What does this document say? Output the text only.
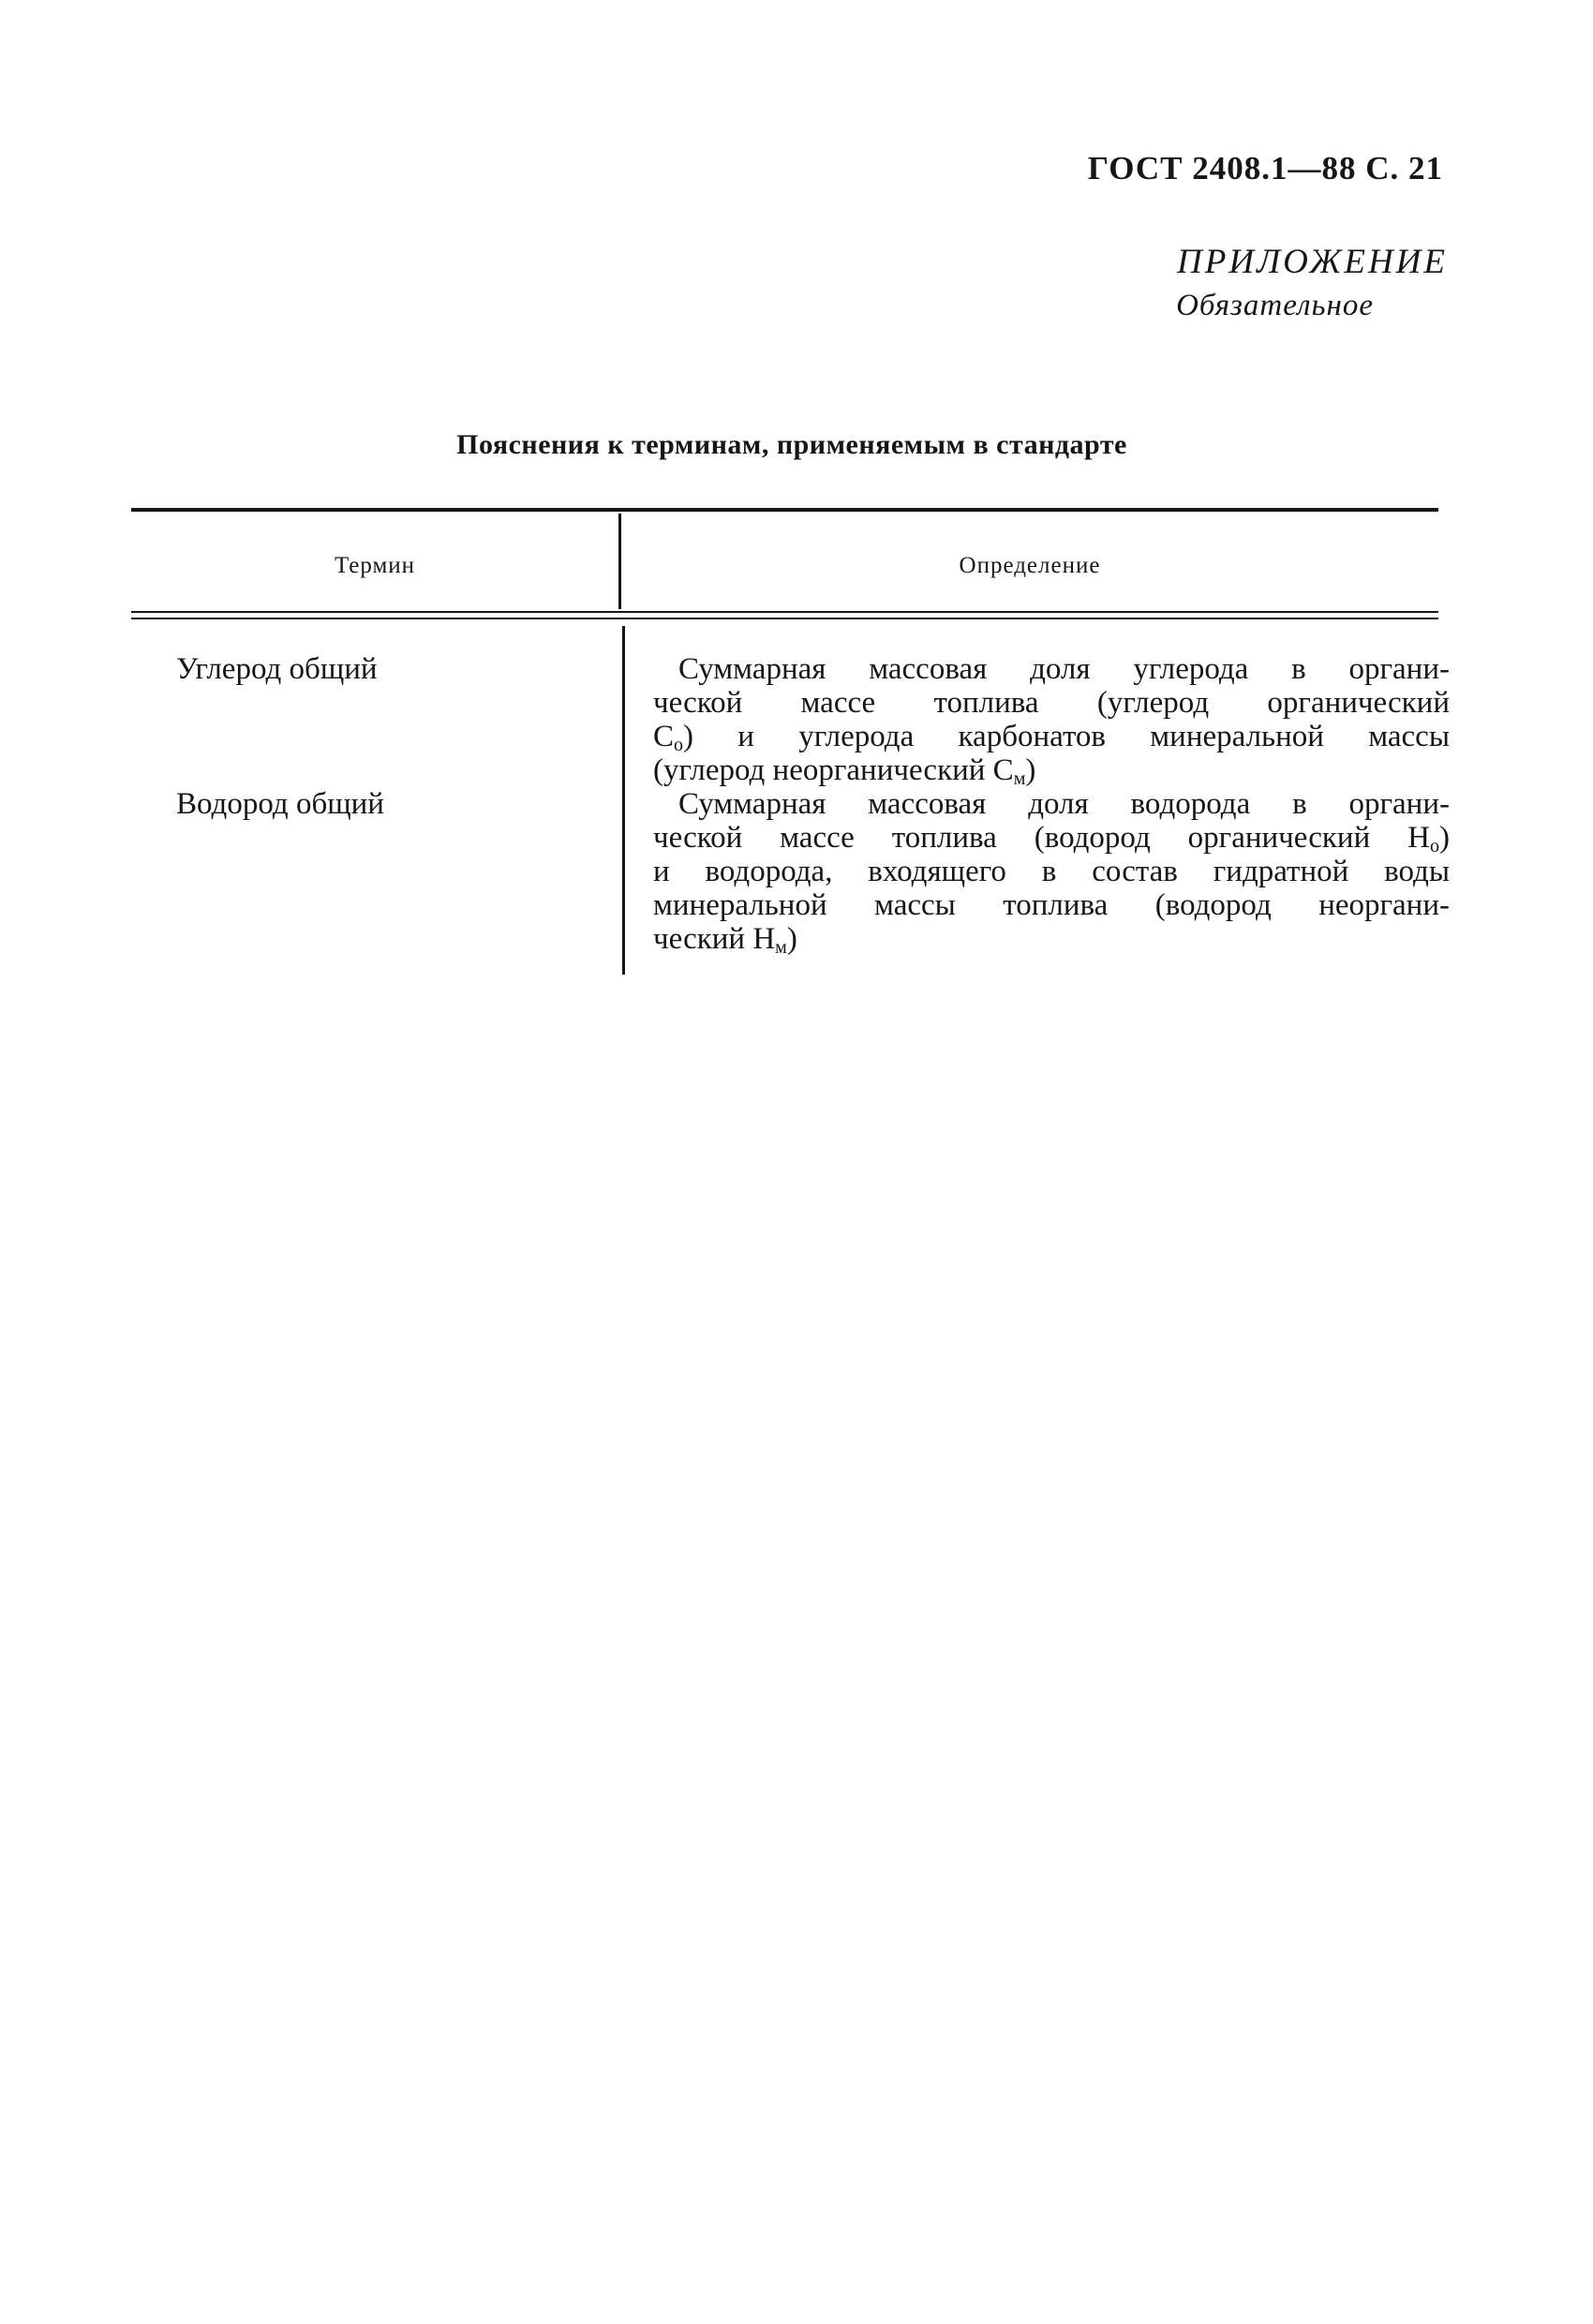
ГОСТ 2408.1—88 С. 21
ПРИЛОЖЕНИЕ
Обязательное
Пояснения к терминам, применяемым в стандарте
Термин	Определение
Углерод общий	Суммарная массовая доля углерода в органи-
ческой массе топлива (углерод органический
$C_о$) и углерода карбонатов минеральной массы
(углерод неорганический $C_м$)
Водород общий	Суммарная массовая доля водорода в органи-
ческой массе топлива (водород органический $H_о$)
и водорода, входящего в состав гидратной воды
минеральной массы топлива (водород неоргани-
ческий $H_м$)
